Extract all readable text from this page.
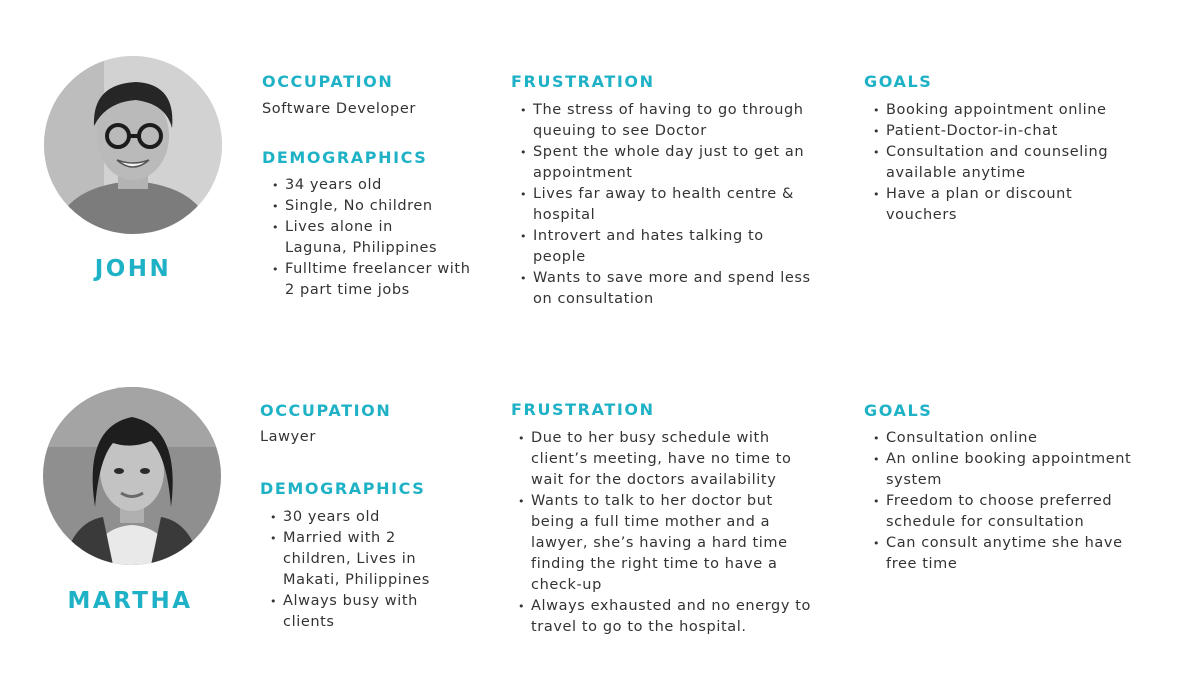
JOHN
OCCUPATION

Software Developer

DEMOGRAPHICS
• 34 years old
• Single, No children
• Lives alone in Laguna, Philippines
• Fulltime freelancer with 2 part time jobs
FRUSTRATION
• The stress of having to go through queuing to see Doctor
• Spent the whole day just to get an appointment
• Lives far away to health centre & hospital
• Introvert and hates talking to people
• Wants to save more and spend less on consultation
GOALS
• Booking appointment online
• Patient-Doctor-in-chat
• Consultation and counseling available anytime
• Have a plan or discount vouchers
MARTHA
OCCUPATION

Lawyer

DEMOGRAPHICS
• 30 years old
• Married with 2 children, Lives in Makati, Philippines
• Always busy with clients
FRUSTRATION
• Due to her busy schedule with client’s meeting, have no time to wait for the doctors availability
• Wants to talk to her doctor but being a full time mother and a lawyer, she’s having a hard time finding the right time to have a check-up
• Always exhausted and no energy to travel to go to the hospital.
GOALS
• Consultation online
• An online booking appointment system
• Freedom to choose preferred schedule for consultation
• Can consult anytime she have free time
